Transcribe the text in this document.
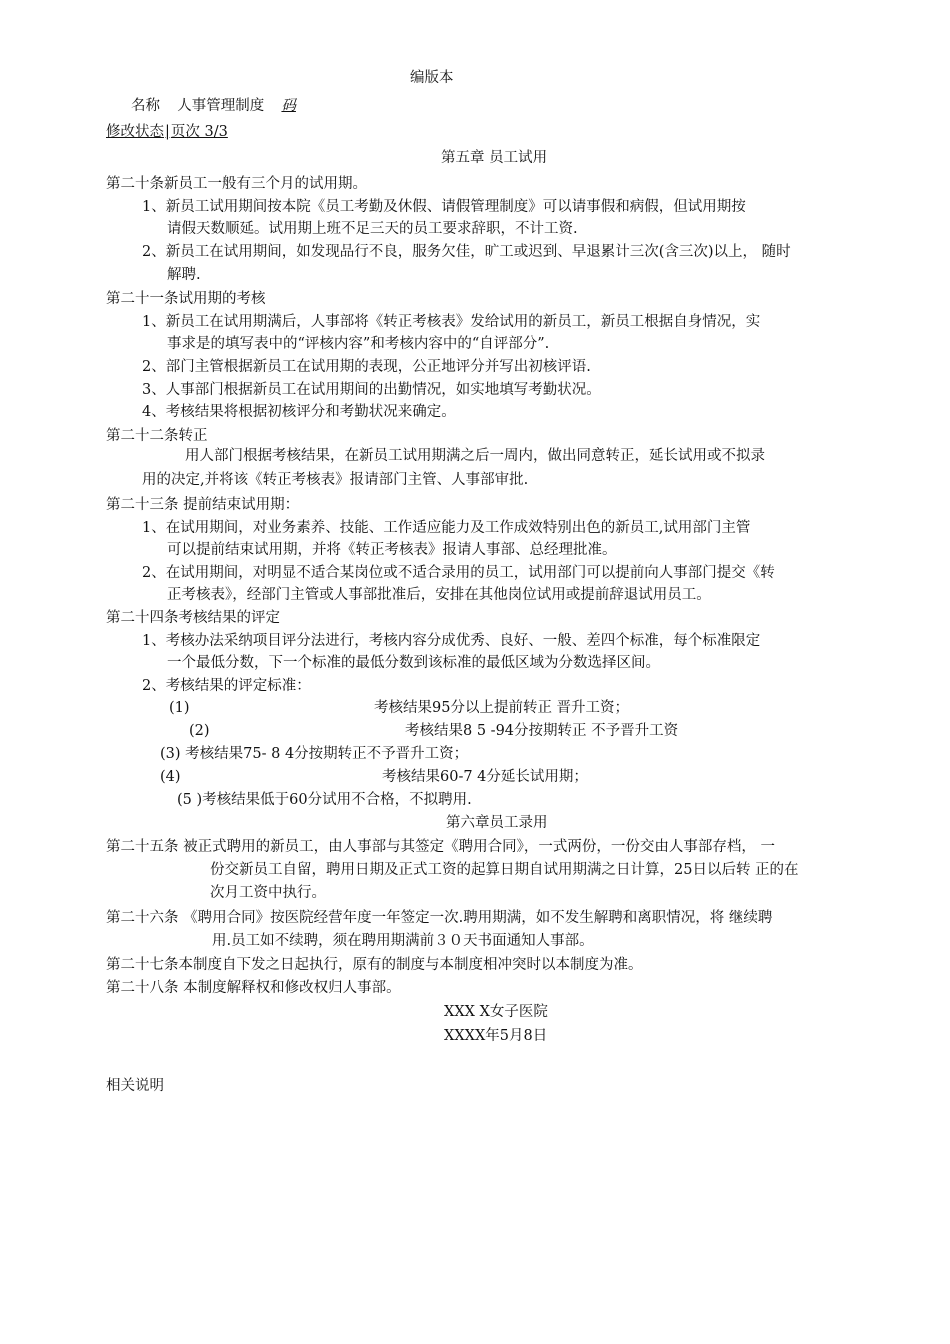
编版本
名称 人事管理制度 码
修改状态|页次 3/3
第五章 员工试用
第二十条新员工一般有三个月的试用期。
1、新员工试用期间按本院《员工考勤及休假、请假管理制度》可以请事假和病假，但试用期按
请假天数顺延。试用期上班不足三天的员工要求辞职，不计工资.
2、新员工在试用期间，如发现品行不良，服务欠佳，旷工或迟到、早退累计三次(含三次)以上， 随时
解聘.
第二十一条试用期的考核
1、新员工在试用期满后，人事部将《转正考核表》发给试用的新员工，新员工根据自身情况，实
事求是的填写表中的“评核内容”和考核内容中的“自评部分”.
2、部门主管根据新员工在试用期的表现，公正地评分并写出初核评语.
3、人事部门根据新员工在试用期间的出勤情况，如实地填写考勤状况。
4、考核结果将根据初核评分和考勤状况来确定。
第二十二条转正
用人部门根据考核结果，在新员工试用期满之后一周内，做出同意转正，延长试用或不拟录
用的决定,并将该《转正考核表》报请部门主管、人事部审批.
第二十三条 提前结束试用期：
1、在试用期间，对业务素养、技能、工作适应能力及工作成效特别出色的新员工,试用部门主管
可以提前结束试用期，并将《转正考核表》报请人事部、总经理批准。
2、在试用期间，对明显不适合某岗位或不适合录用的员工，试用部门可以提前向人事部门提交《转
正考核表》，经部门主管或人事部批准后，安排在其他岗位试用或提前辞退试用员工。
第二十四条考核结果的评定
1、考核办法采纳项目评分法进行，考核内容分成优秀、良好、一般、差四个标准，每个标准限定
一个最低分数，下一个标准的最低分数到该标准的最低区域为分数选择区间。
2、考核结果的评定标准：
(1)	考核结果95分以上提前转正 晋升工资；
(2)	考核结果8 5 -94分按期转正 不予晋升工资
(3) 考核结果75- 8 4分按期转正不予晋升工资；
(4)	考核结果60-7 4分延长试用期；
(5 )考核结果低于60分试用不合格，不拟聘用.
第六章员工录用
第二十五条 被正式聘用的新员工，由人事部与其签定《聘用合同》，一式两份，一份交由人事部存档， 一
份交新员工自留，聘用日期及正式工资的起算日期自试用期满之日计算，25日以后转 正的在
次月工资中执行。
第二十六条 《聘用合同》按医院经营年度一年签定一次.聘用期满，如不发生解聘和离职情况，将 继续聘
用.员工如不续聘，须在聘用期满前３０天书面通知人事部。
第二十七条本制度自下发之日起执行，原有的制度与本制度相冲突时以本制度为准。
第二十八条 本制度解释权和修改权归人事部。
XXX X女子医院
XXXX年5月8日
相关说明
